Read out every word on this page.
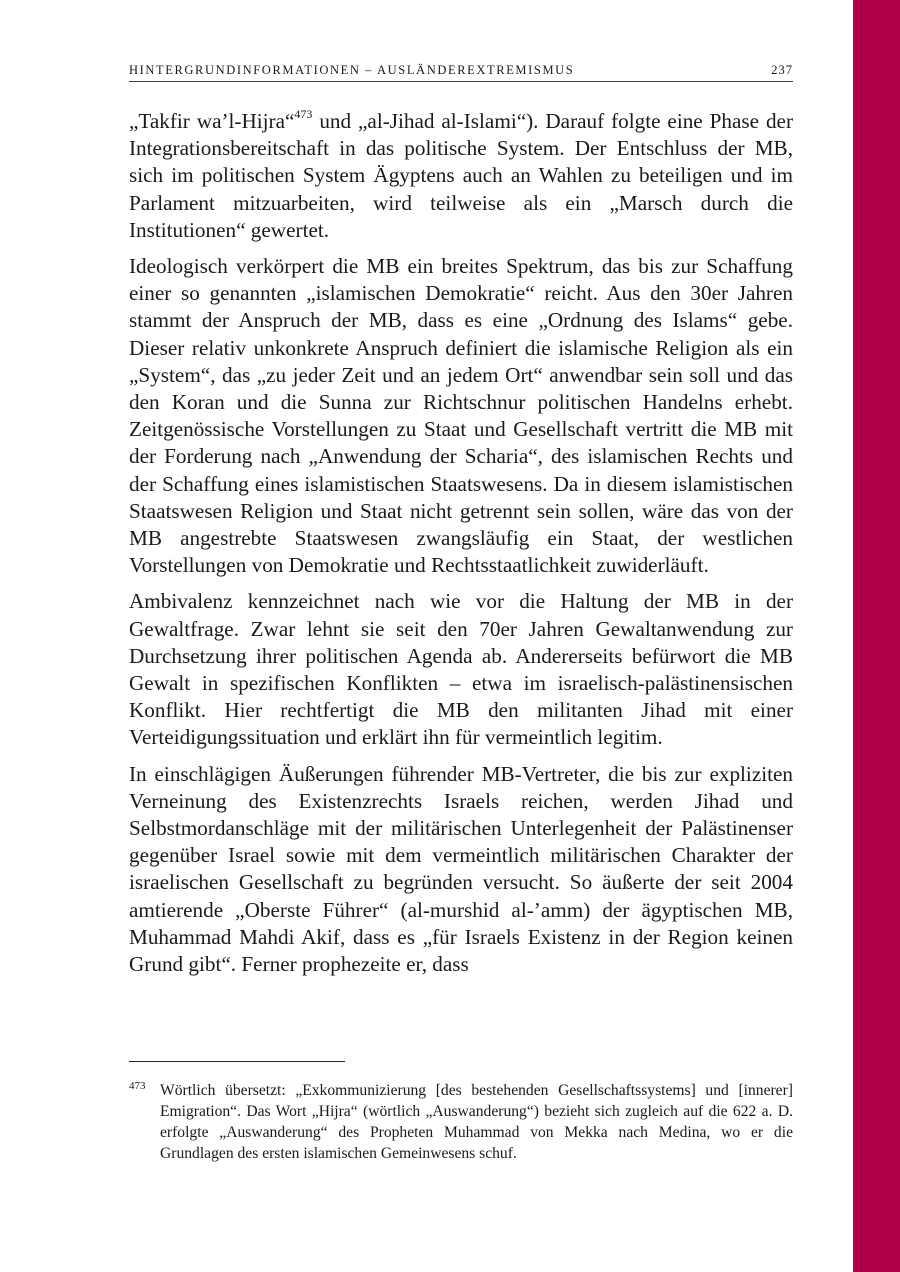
HINTERGRUNDINFORMATIONEN – AUSLÄNDEREXTREMISMUS	237

„Takfir wa’l-Hijra“$^{473}$ und „al-Jihad al-Islami“). Darauf folgte eine Phase der Integrationsbereitschaft in das politische System. Der Entschluss der MB, sich im politischen System Ägyptens auch an Wahlen zu beteiligen und im Parlament mitzuarbeiten, wird teilweise als ein „Marsch durch die Institutionen“ gewertet.

Ideologisch verkörpert die MB ein breites Spektrum, das bis zur Schaffung einer so genannten „islamischen Demokratie“ reicht. Aus den 30er Jahren stammt der Anspruch der MB, dass es eine „Ordnung des Islams“ gebe. Dieser relativ unkonkrete Anspruch definiert die islamische Religion als ein „System“, das „zu jeder Zeit und an jedem Ort“ anwendbar sein soll und das den Koran und die Sunna zur Richtschnur politischen Handelns erhebt. Zeitgenössische Vorstellungen zu Staat und Gesellschaft vertritt die MB mit der Forderung nach „Anwendung der Scharia“, des islamischen Rechts und der Schaffung eines islamistischen Staatswesens. Da in diesem islamistischen Staatswesen Religion und Staat nicht getrennt sein sollen, wäre das von der MB angestrebte Staatswesen zwangsläufig ein Staat, der westlichen Vorstellungen von Demokratie und Rechtsstaatlichkeit zuwiderläuft.

Ambivalenz kennzeichnet nach wie vor die Haltung der MB in der Gewaltfrage. Zwar lehnt sie seit den 70er Jahren Gewaltanwendung zur Durchsetzung ihrer politischen Agenda ab. Andererseits befürwort die MB Gewalt in spezifischen Konflikten – etwa im israelisch-palästinensischen Konflikt. Hier rechtfertigt die MB den militanten Jihad mit einer Verteidigungssituation und erklärt ihn für vermeintlich legitim.

In einschlägigen Äußerungen führender MB-Vertreter, die bis zur expliziten Verneinung des Existenzrechts Israels reichen, werden Jihad und Selbstmordanschläge mit der militärischen Unterlegenheit der Palästinenser gegenüber Israel sowie mit dem vermeintlich militärischen Charakter der israelischen Gesellschaft zu begründen versucht. So äußerte der seit 2004 amtierende „Oberste Führer“ (al-murshid al-’amm) der ägyptischen MB, Muhammad Mahdi Akif, dass es „für Israels Existenz in der Region keinen Grund gibt“. Ferner prophezeite er, dass

473 Wörtlich übersetzt: „Exkommunizierung [des bestehenden Gesellschaftssystems] und [innerer] Emigration“. Das Wort „Hijra“ (wörtlich „Auswanderung“) bezieht sich zugleich auf die 622 a. D. erfolgte „Auswanderung“ des Propheten Muhammad von Mekka nach Medina, wo er die Grundlagen des ersten islamischen Gemeinwesens schuf.
